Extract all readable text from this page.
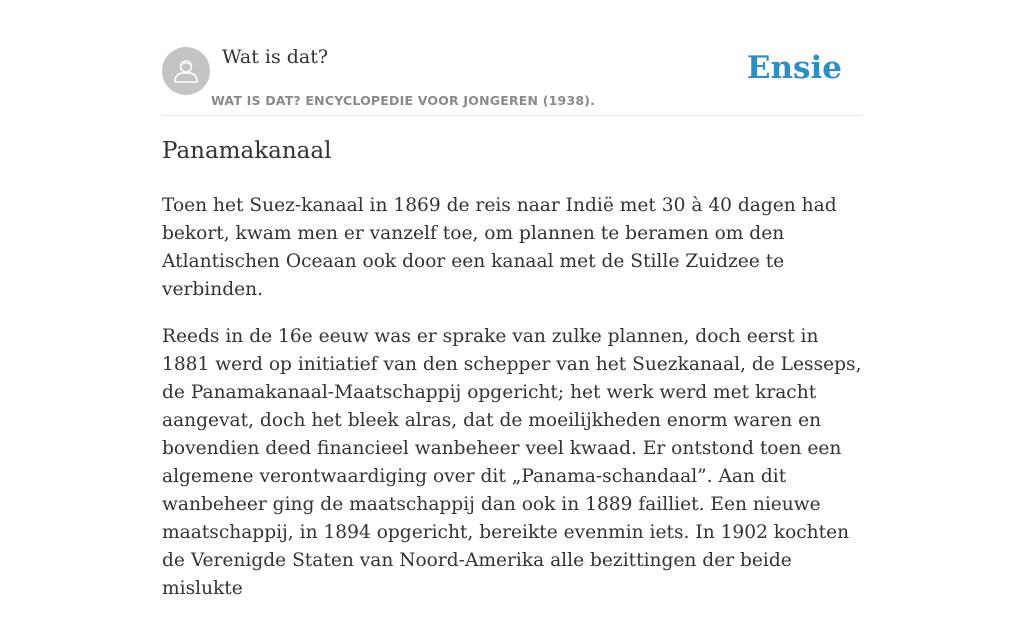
Wat is dat?
WAT IS DAT? ENCYCLOPEDIE VOOR JONGEREN (1938).
Ensie
Panamakanaal

Toen het Suez-kanaal in 1869 de reis naar Indië met 30 à 40 dagen had bekort, kwam men er vanzelf toe, om plannen te beramen om den Atlantischen Oceaan ook door een kanaal met de Stille Zuidzee te verbinden.

Reeds in de 16e eeuw was er sprake van zulke plannen, doch eerst in 1881 werd op initiatief van den schepper van het Suezkanaal, de Lesseps, de Panamakanaal-Maatschappij opgericht; het werk werd met kracht aangevat, doch het bleek alras, dat de moeilijkheden enorm waren en bovendien deed financieel wanbeheer veel kwaad. Er ontstond toen een algemene verontwaardiging over dit „Panama-schandaal”. Aan dit wanbeheer ging de maatschappij dan ook in 1889 failliet. Een nieuwe maatschappij, in 1894 opgericht, bereikte evenmin iets. In 1902 kochten de Verenigde Staten van Noord-Amerika alle bezittingen der beide mislukte
